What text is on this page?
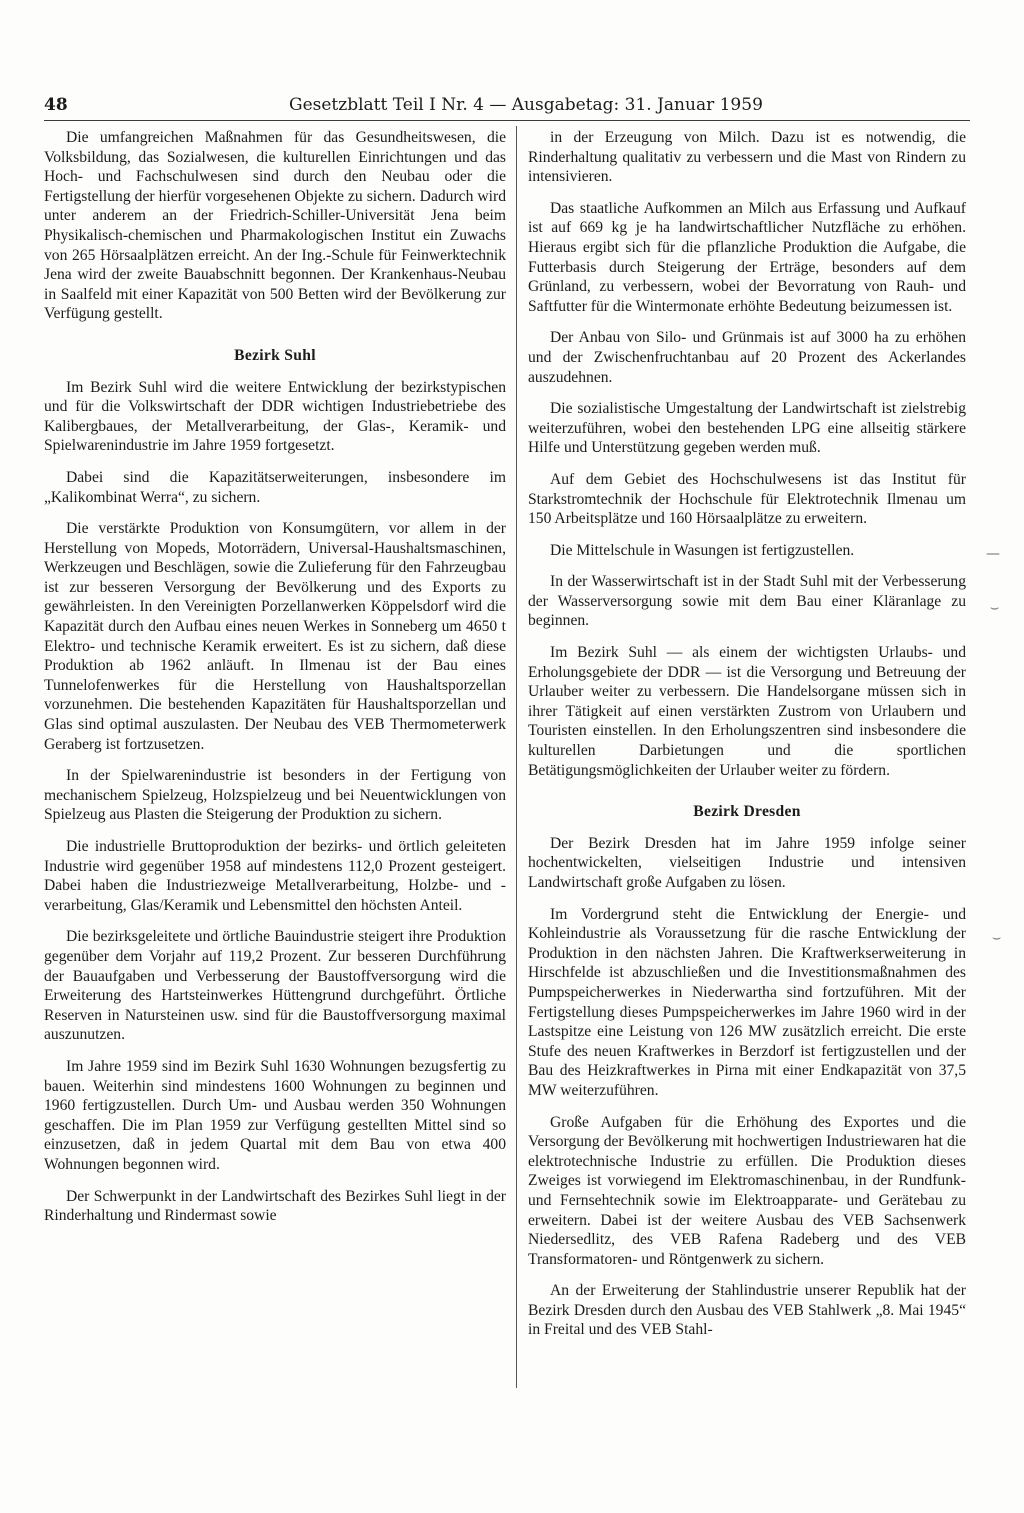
48	Gesetzblatt Teil I Nr. 4 — Ausgabetag: 31. Januar 1959

Die umfangreichen Maßnahmen für das Gesundheitswesen, die Volksbildung, das Sozialwesen, die kulturellen Einrichtungen und das Hoch- und Fachschulwesen sind durch den Neubau oder die Fertigstellung der hierfür vorgesehenen Objekte zu sichern. Dadurch wird unter anderem an der Friedrich-Schiller-Universität Jena beim Physikalisch-chemischen und Pharmakologischen Institut ein Zuwachs von 265 Hörsaalplätzen erreicht. An der Ing.-Schule für Feinwerktechnik Jena wird der zweite Bauabschnitt begonnen. Der Krankenhaus-Neubau in Saalfeld mit einer Kapazität von 500 Betten wird der Bevölkerung zur Verfügung gestellt.

Bezirk Suhl

Im Bezirk Suhl wird die weitere Entwicklung der bezirkstypischen und für die Volkswirtschaft der DDR wichtigen Industriebetriebe des Kalibergbaues, der Metallverarbeitung, der Glas-, Keramik- und Spielwarenindustrie im Jahre 1959 fortgesetzt.

Dabei sind die Kapazitätserweiterungen, insbesondere im „Kalikombinat Werra“, zu sichern.

Die verstärkte Produktion von Konsumgütern, vor allem in der Herstellung von Mopeds, Motorrädern, Universal-Haushaltsmaschinen, Werkzeugen und Beschlägen, sowie die Zulieferung für den Fahrzeugbau ist zur besseren Versorgung der Bevölkerung und des Exports zu gewährleisten. In den Vereinigten Porzellanwerken Köppelsdorf wird die Kapazität durch den Aufbau eines neuen Werkes in Sonneberg um 4650 t Elektro- und technische Keramik erweitert. Es ist zu sichern, daß diese Produktion ab 1962 anläuft. In Ilmenau ist der Bau eines Tunnelofenwerkes für die Herstellung von Haushaltsporzellan vorzunehmen. Die bestehenden Kapazitäten für Haushaltsporzellan und Glas sind optimal auszulasten. Der Neubau des VEB Thermometerwerk Geraberg ist fortzusetzen.

In der Spielwarenindustrie ist besonders in der Fertigung von mechanischem Spielzeug, Holzspielzeug und bei Neuentwicklungen von Spielzeug aus Plasten die Steigerung der Produktion zu sichern.

Die industrielle Bruttoproduktion der bezirks- und örtlich geleiteten Industrie wird gegenüber 1958 auf mindestens 112,0 Prozent gesteigert. Dabei haben die Industriezweige Metallverarbeitung, Holzbe- und -verarbeitung, Glas/Keramik und Lebensmittel den höchsten Anteil.

Die bezirksgeleitete und örtliche Bauindustrie steigert ihre Produktion gegenüber dem Vorjahr auf 119,2 Prozent. Zur besseren Durchführung der Bauaufgaben und Verbesserung der Baustoffversorgung wird die Erweiterung des Hartsteinwerkes Hüttengrund durchgeführt. Örtliche Reserven in Natursteinen usw. sind für die Baustoffversorgung maximal auszunutzen.

Im Jahre 1959 sind im Bezirk Suhl 1630 Wohnungen bezugsfertig zu bauen. Weiterhin sind mindestens 1600 Wohnungen zu beginnen und 1960 fertigzustellen. Durch Um- und Ausbau werden 350 Wohnungen geschaffen. Die im Plan 1959 zur Verfügung gestellten Mittel sind so einzusetzen, daß in jedem Quartal mit dem Bau von etwa 400 Wohnungen begonnen wird.

Der Schwerpunkt in der Landwirtschaft des Bezirkes Suhl liegt in der Rinderhaltung und Rindermast sowie

in der Erzeugung von Milch. Dazu ist es notwendig, die Rinderhaltung qualitativ zu verbessern und die Mast von Rindern zu intensivieren.

Das staatliche Aufkommen an Milch aus Erfassung und Aufkauf ist auf 669 kg je ha landwirtschaftlicher Nutzfläche zu erhöhen. Hieraus ergibt sich für die pflanzliche Produktion die Aufgabe, die Futterbasis durch Steigerung der Erträge, besonders auf dem Grünland, zu verbessern, wobei der Bevorratung von Rauh- und Saftfutter für die Wintermonate erhöhte Bedeutung beizumessen ist.

Der Anbau von Silo- und Grünmais ist auf 3000 ha zu erhöhen und der Zwischenfruchtanbau auf 20 Prozent des Ackerlandes auszudehnen.

Die sozialistische Umgestaltung der Landwirtschaft ist zielstrebig weiterzuführen, wobei den bestehenden LPG eine allseitig stärkere Hilfe und Unterstützung gegeben werden muß.

Auf dem Gebiet des Hochschulwesens ist das Institut für Starkstromtechnik der Hochschule für Elektrotechnik Ilmenau um 150 Arbeitsplätze und 160 Hörsaalplätze zu erweitern.

Die Mittelschule in Wasungen ist fertigzustellen.

In der Wasserwirtschaft ist in der Stadt Suhl mit der Verbesserung der Wasserversorgung sowie mit dem Bau einer Kläranlage zu beginnen.

Im Bezirk Suhl — als einem der wichtigsten Urlaubs- und Erholungsgebiete der DDR — ist die Versorgung und Betreuung der Urlauber weiter zu verbessern. Die Handelsorgane müssen sich in ihrer Tätigkeit auf einen verstärkten Zustrom von Urlaubern und Touristen einstellen. In den Erholungszentren sind insbesondere die kulturellen Darbietungen und die sportlichen Betätigungsmöglichkeiten der Urlauber weiter zu fördern.

Bezirk Dresden

Der Bezirk Dresden hat im Jahre 1959 infolge seiner hochentwickelten, vielseitigen Industrie und intensiven Landwirtschaft große Aufgaben zu lösen.

Im Vordergrund steht die Entwicklung der Energie- und Kohleindustrie als Voraussetzung für die rasche Entwicklung der Produktion in den nächsten Jahren. Die Kraftwerkserweiterung in Hirschfelde ist abzuschließen und die Investitionsmaßnahmen des Pumpspeicherwerkes in Niederwartha sind fortzuführen. Mit der Fertigstellung dieses Pumpspeicherwerkes im Jahre 1960 wird in der Lastspitze eine Leistung von 126 MW zusätzlich erreicht. Die erste Stufe des neuen Kraftwerkes in Berzdorf ist fertigzustellen und der Bau des Heizkraftwerkes in Pirna mit einer Endkapazität von 37,5 MW weiterzuführen.

Große Aufgaben für die Erhöhung des Exportes und die Versorgung der Bevölkerung mit hochwertigen Industriewaren hat die elektrotechnische Industrie zu erfüllen. Die Produktion dieses Zweiges ist vorwiegend im Elektromaschinenbau, in der Rundfunk- und Fernsehtechnik sowie im Elektroapparate- und Gerätebau zu erweitern. Dabei ist der weitere Ausbau des VEB Sachsenwerk Niedersedlitz, des VEB Rafena Radeberg und des VEB Transformatoren- und Röntgenwerk zu sichern.

An der Erweiterung der Stahlindustrie unserer Republik hat der Bezirk Dresden durch den Ausbau des VEB Stahlwerk „8. Mai 1945“ in Freital und des VEB Stahl-

—
⌣
⌣
